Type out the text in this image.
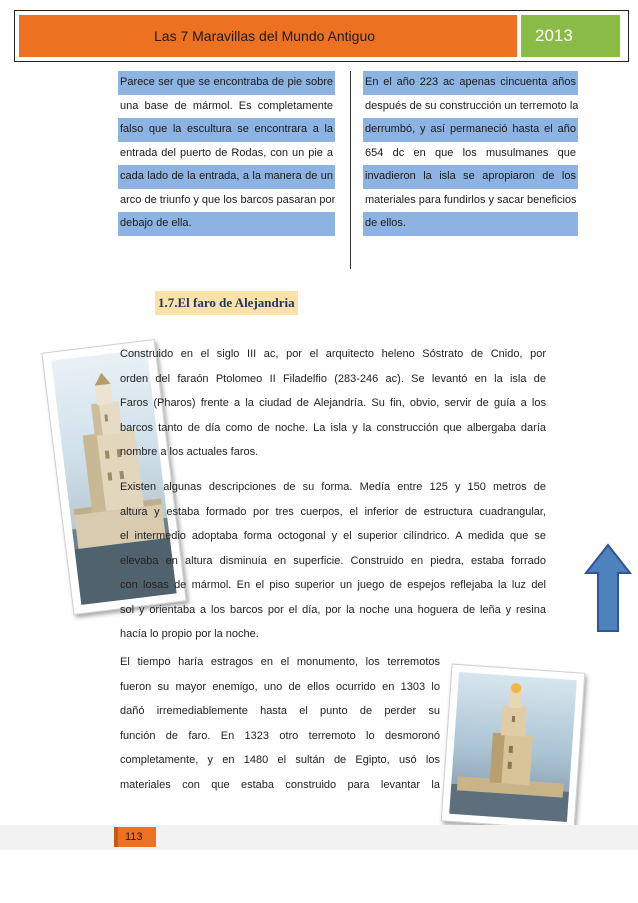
Las 7 Maravillas del Mundo Antiguo	2013
Parece ser que se encontraba de pie sobre
una base de mármol. Es completamente
falso que la escultura se encontrara a la
entrada del puerto de Rodas, con un pie a
cada lado de la entrada, a la manera de un
arco de triunfo y que los barcos pasaran por
debajo de ella.
En el año 223 ac apenas cincuenta años
después de su construcción un terremoto la
derrumbó, y así permaneció hasta el año
654 dc en que los musulmanes que
invadieron la isla se apropiaron de los
materiales para fundirlos y sacar beneficios
de ellos.
1.7.El faro de Alejandria
Construido en el siglo III ac, por el arquitecto heleno Sóstrato de Cnido, por
orden del faraón Ptolomeo II Filadelfio (283-246 ac). Se levantó en la isla de
Faros (Pharos) frente a la ciudad de Alejandría. Su fin, obvio, servir de guía a los
barcos tanto de día como de noche. La isla y la construcción que albergaba daría
nombre a los actuales faros.
Existen algunas descripciones de su forma. Medía entre 125 y 150 metros de
altura y estaba formado por tres cuerpos, el inferior de estructura cuadrangular,
el intermedio adoptaba forma octogonal y el superior cilíndrico. A medida que se
elevaba en altura disminuía en superficie. Construido en piedra, estaba forrado
con losas de mármol. En el piso superior un juego de espejos reflejaba la luz del
sol y orientaba a los barcos por el día, por la noche una hoguera de leña y resina
hacía lo propio por la noche.
El tiempo haría estragos en el monumento, los terremotos
fueron su mayor enemigo, uno de ellos ocurrido en 1303 lo
dañó irremediablemente hasta el punto de perder su
función de faro. En 1323 otro terremoto lo desmoronó
completamente, y en 1480 el sultán de Egipto, usó los
materiales con que estaba construido para levantar la
113
